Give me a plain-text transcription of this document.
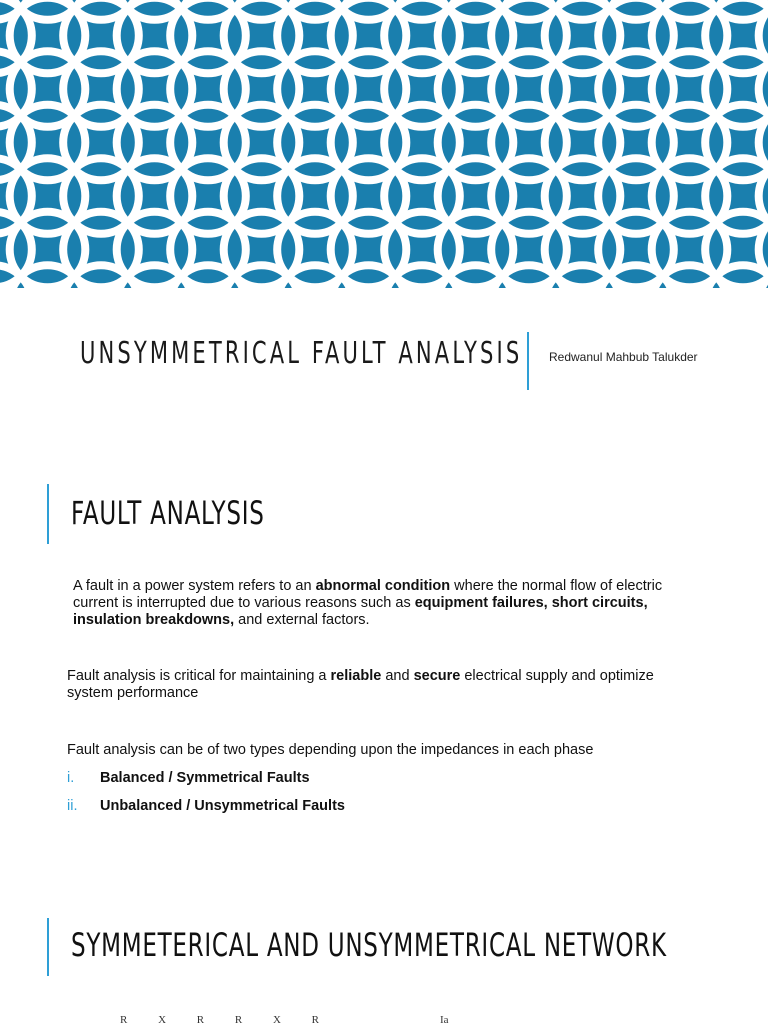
UNSYMMETRICAL FAULT ANALYSIS Redwanul Mahbub Talukder
FAULT ANALYSIS
A fault in a power system refers to an abnormal condition where the normal flow of electric current is interrupted due to various reasons such as equipment failures, short circuits, insulation breakdowns, and external factors.
Fault analysis is critical for maintaining a reliable and secure electrical supply and optimize system performance
Fault analysis can be of two types depending upon the impedances in each phase
i. Balanced / Symmetrical Faults
ii. Unbalanced / Unsymmetrical Faults
SYMMETERICAL AND UNSYMMETRICAL NETWORK
R X R R X R	Ia
